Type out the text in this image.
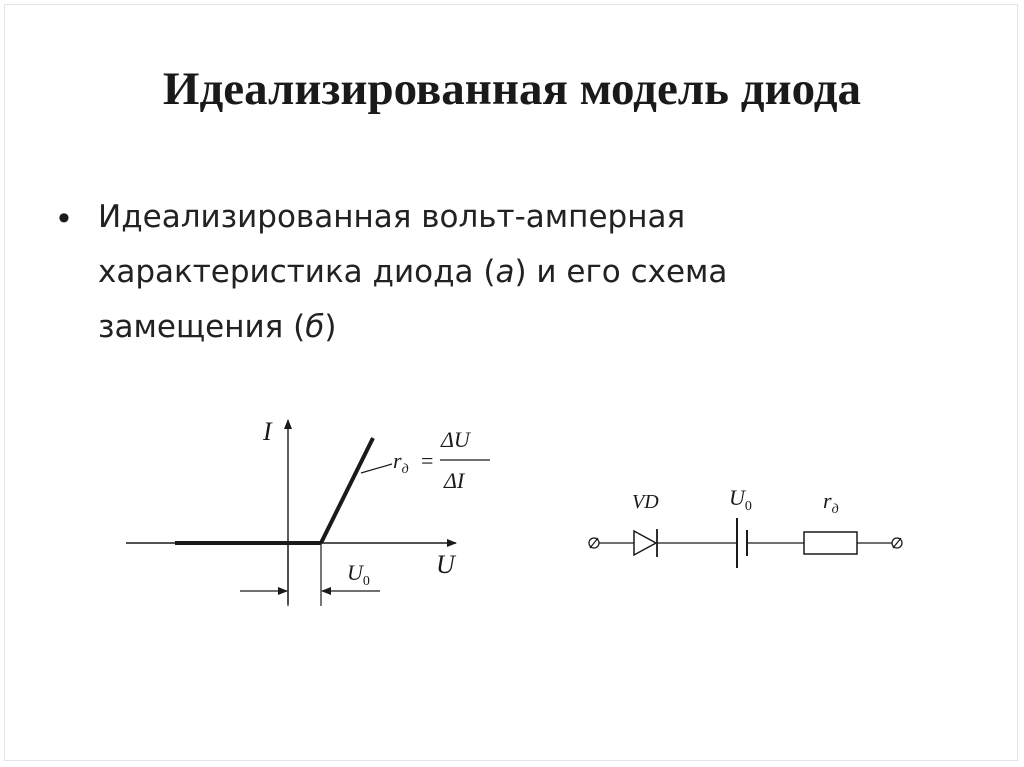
Идеализированная модель диода
• Идеализированная вольт-амперная
характеристика диода (а) и его схема
замещения (б)
I
U
$r_д$ =
ΔU
ΔI
$U_0$
VD	$U_0$	$r_д$
